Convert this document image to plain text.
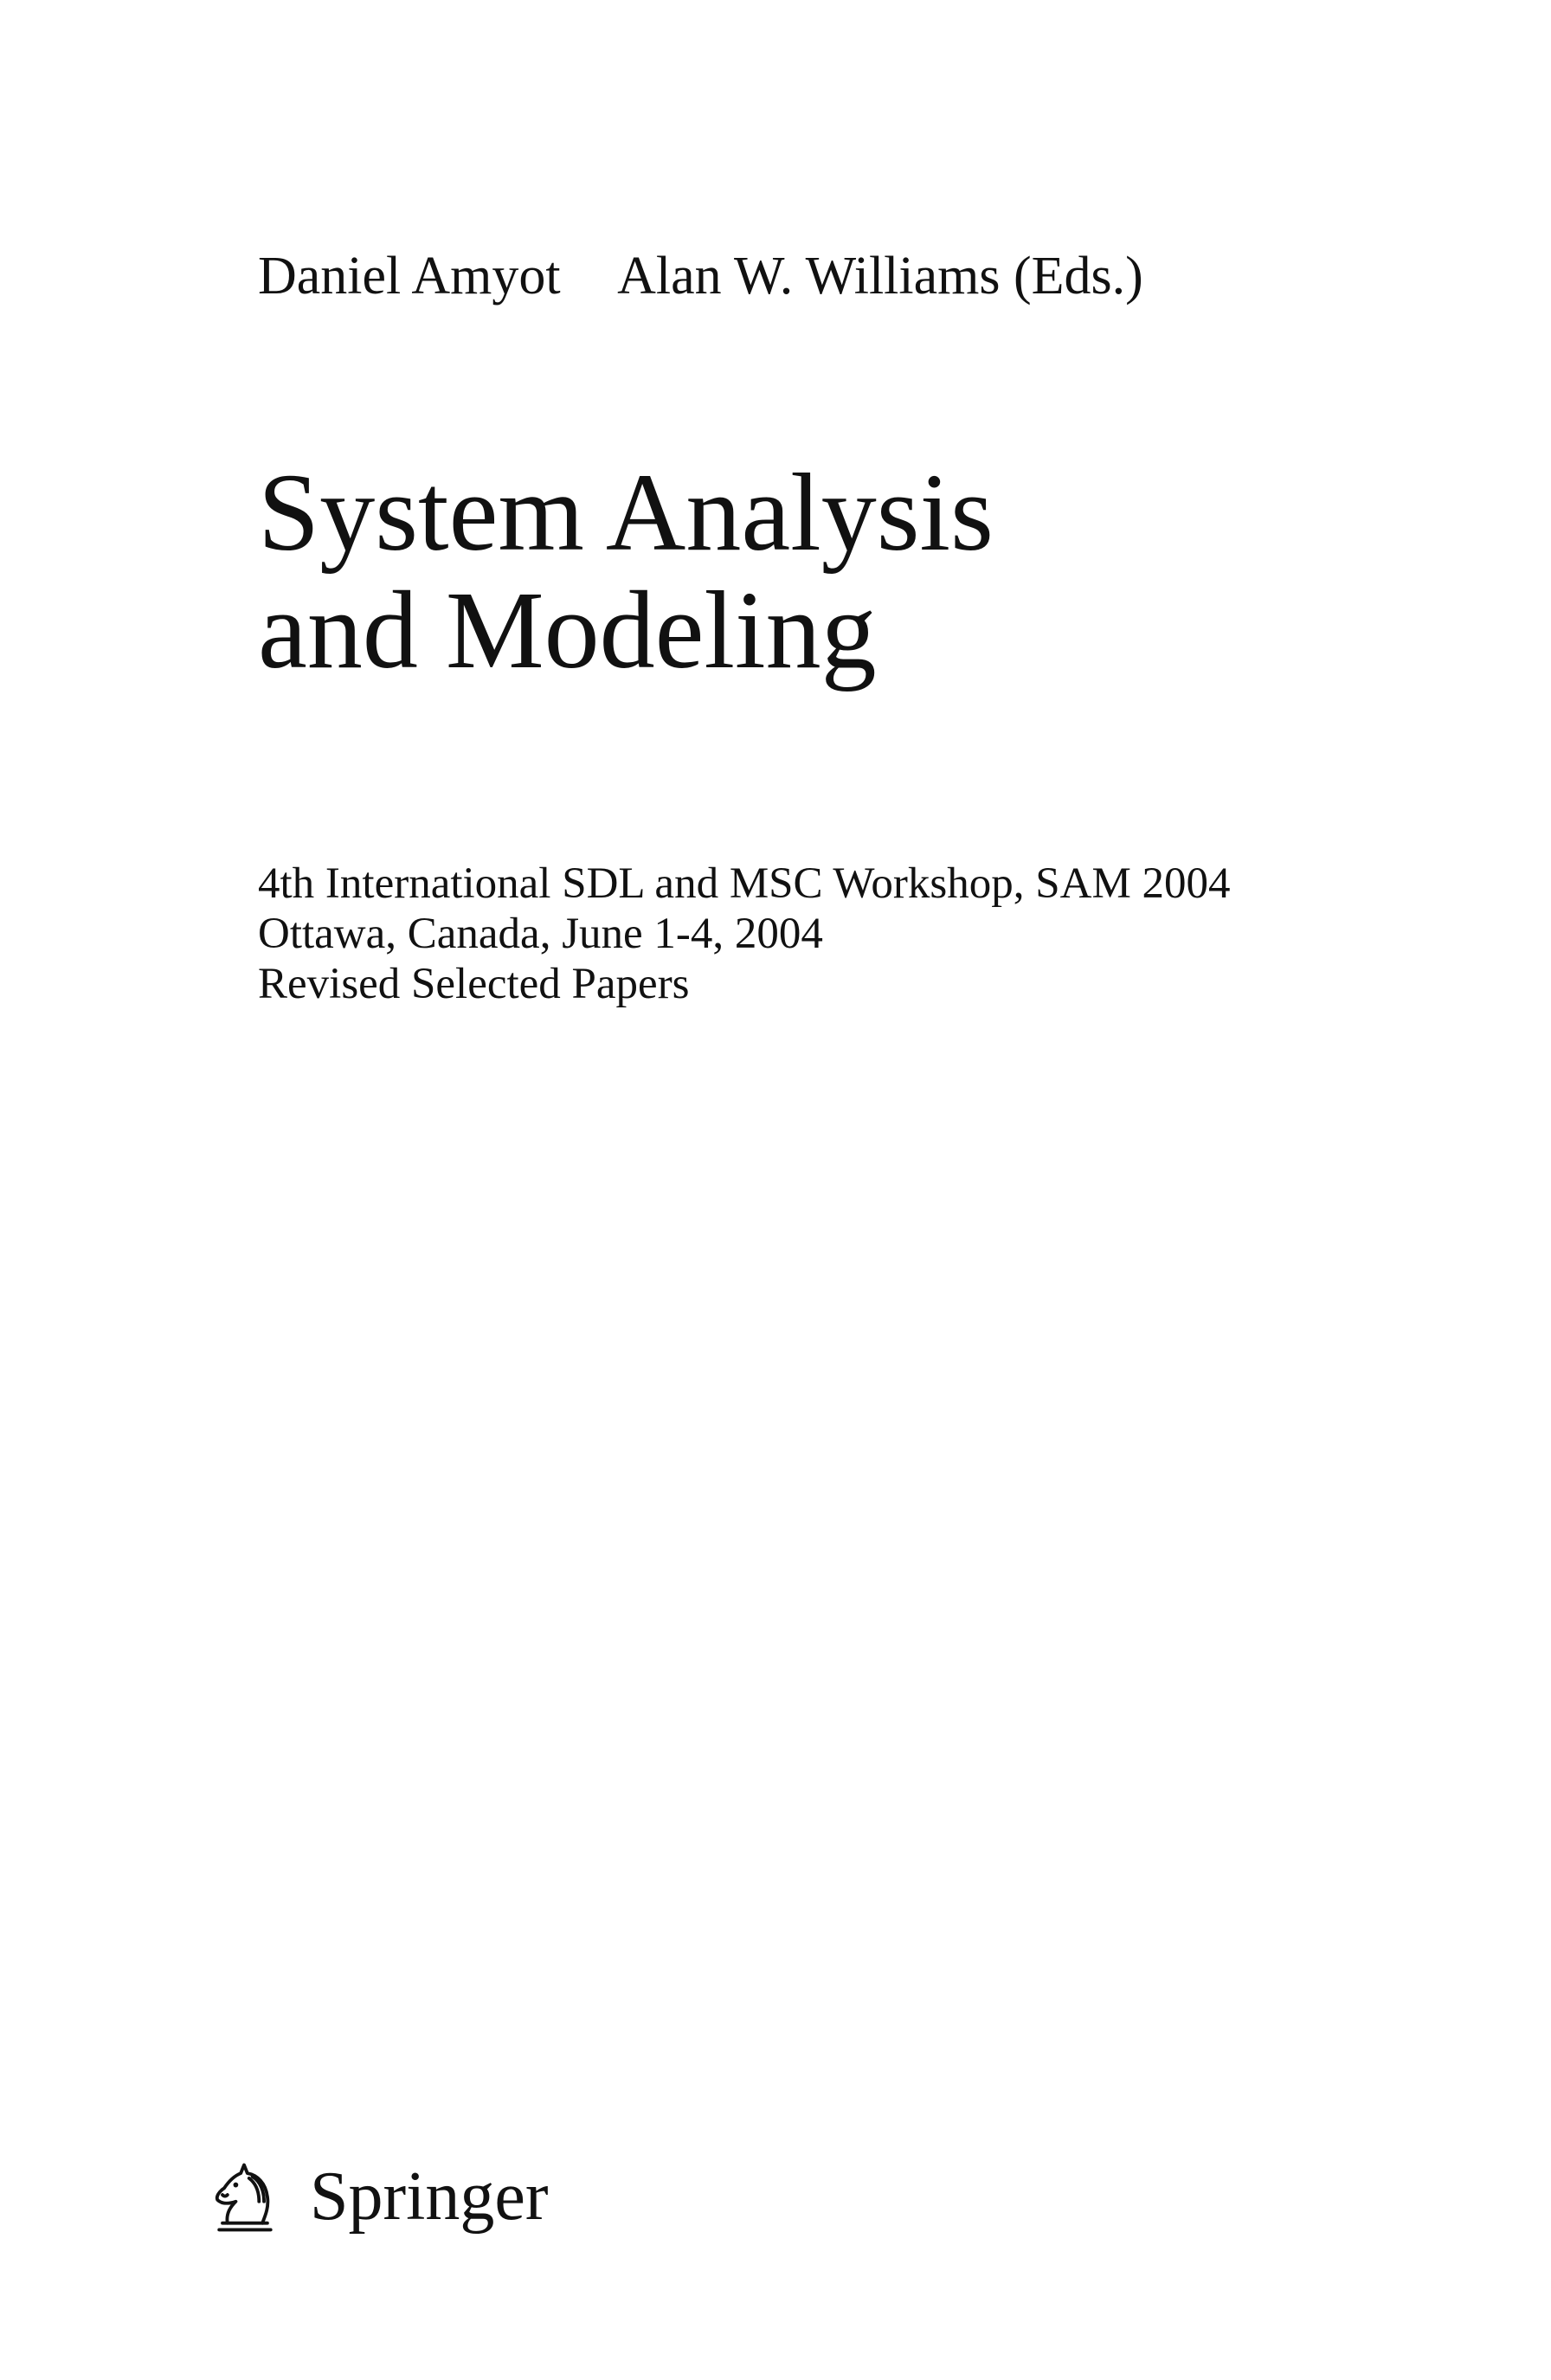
Daniel Amyot Alan W. Williams (Eds.)
System Analysis
and Modeling
4th International SDL and MSC Workshop, SAM 2004
Ottawa, Canada, June 1-4, 2004
Revised Selected Papers
Springer
